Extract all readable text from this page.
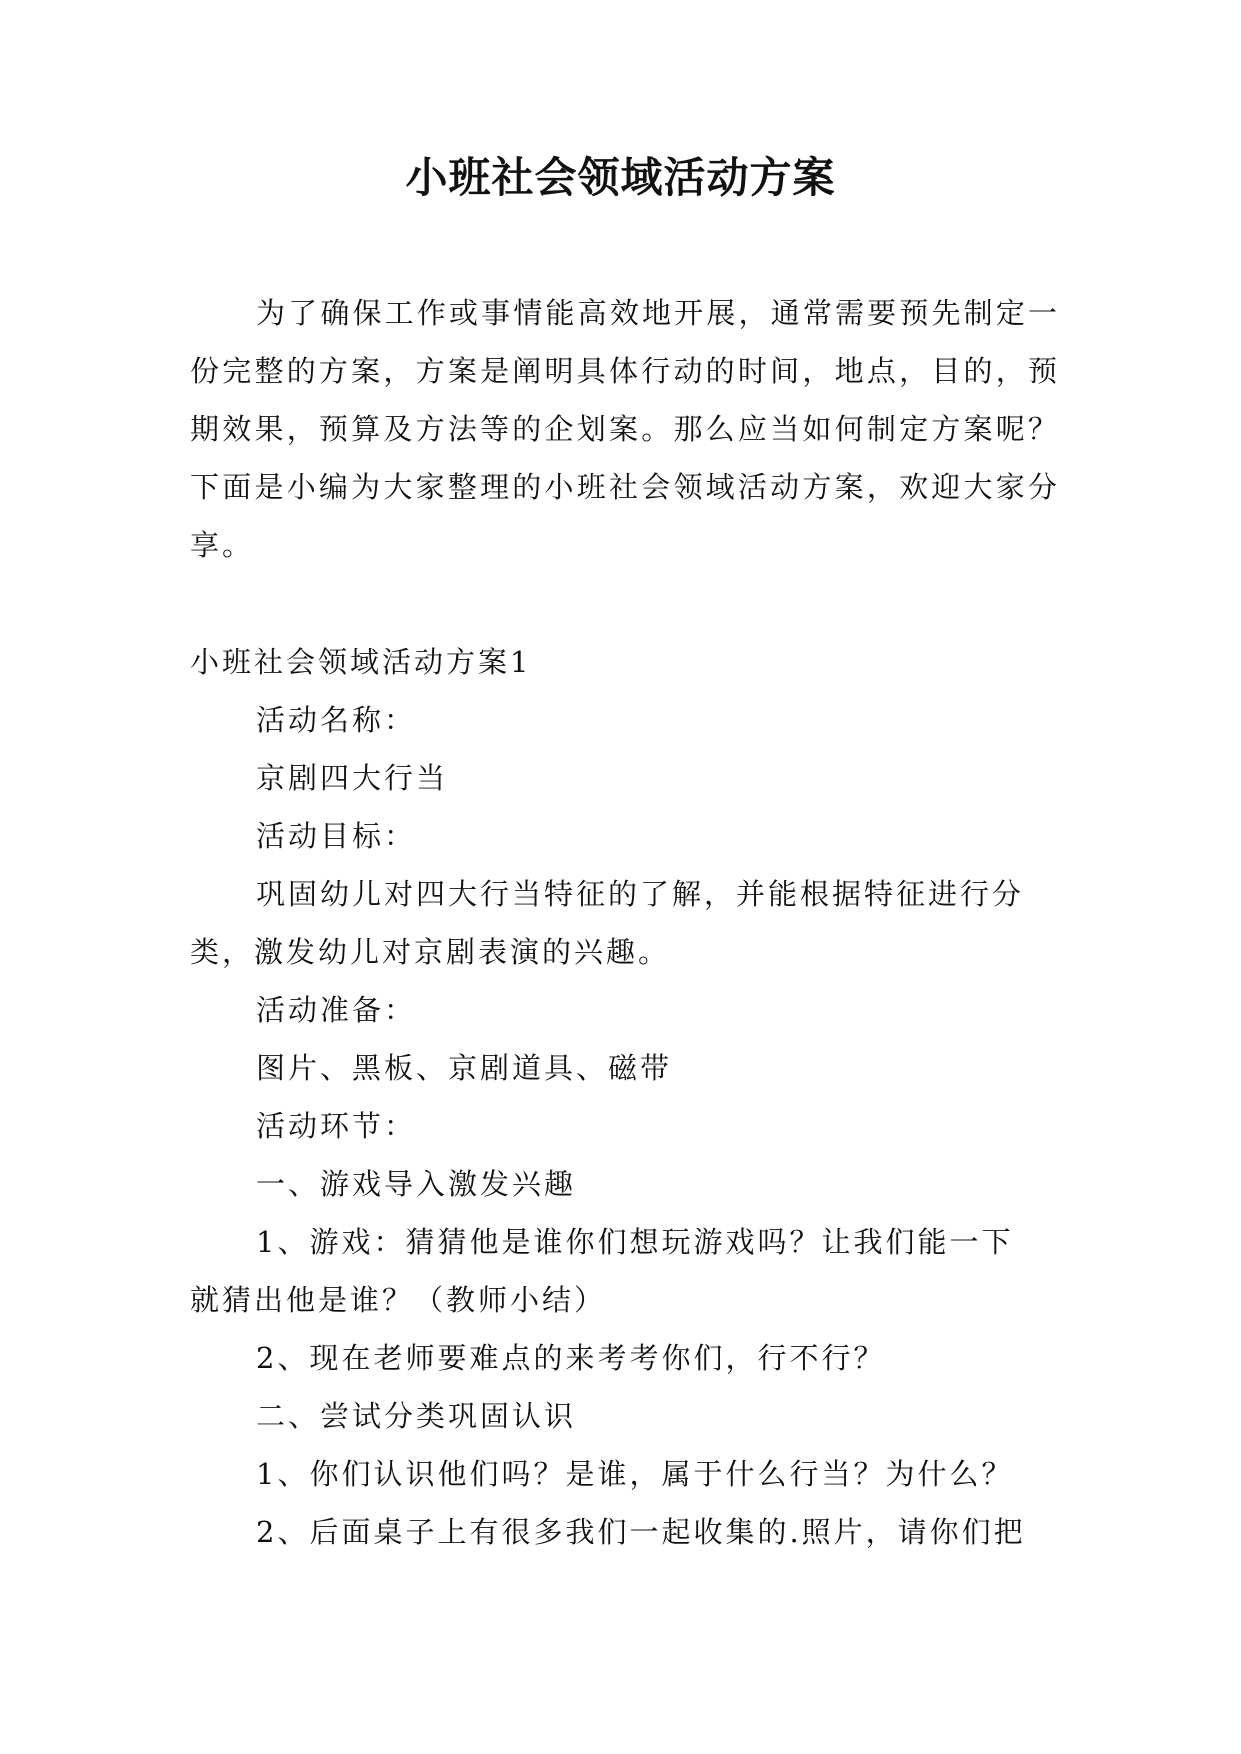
小班社会领域活动方案
为了确保工作或事情能高效地开展，通常需要预先制定一份完整的方案，方案是阐明具体行动的时间，地点，目的，预期效果，预算及方法等的企划案。那么应当如何制定方案呢？下面是小编为大家整理的小班社会领域活动方案，欢迎大家分享。
小班社会领域活动方案1
活动名称：
京剧四大行当
活动目标：
巩固幼儿对四大行当特征的了解，并能根据特征进行分
类，激发幼儿对京剧表演的兴趣。
活动准备：
图片、黑板、京剧道具、磁带
活动环节：
一、游戏导入激发兴趣
1、游戏：猜猜他是谁你们想玩游戏吗？让我们能一下
就猜出他是谁？（教师小结）
2、现在老师要难点的来考考你们，行不行？
二、尝试分类巩固认识
1、你们认识他们吗？是谁，属于什么行当？为什么？
2、后面桌子上有很多我们一起收集的.照片，请你们把
